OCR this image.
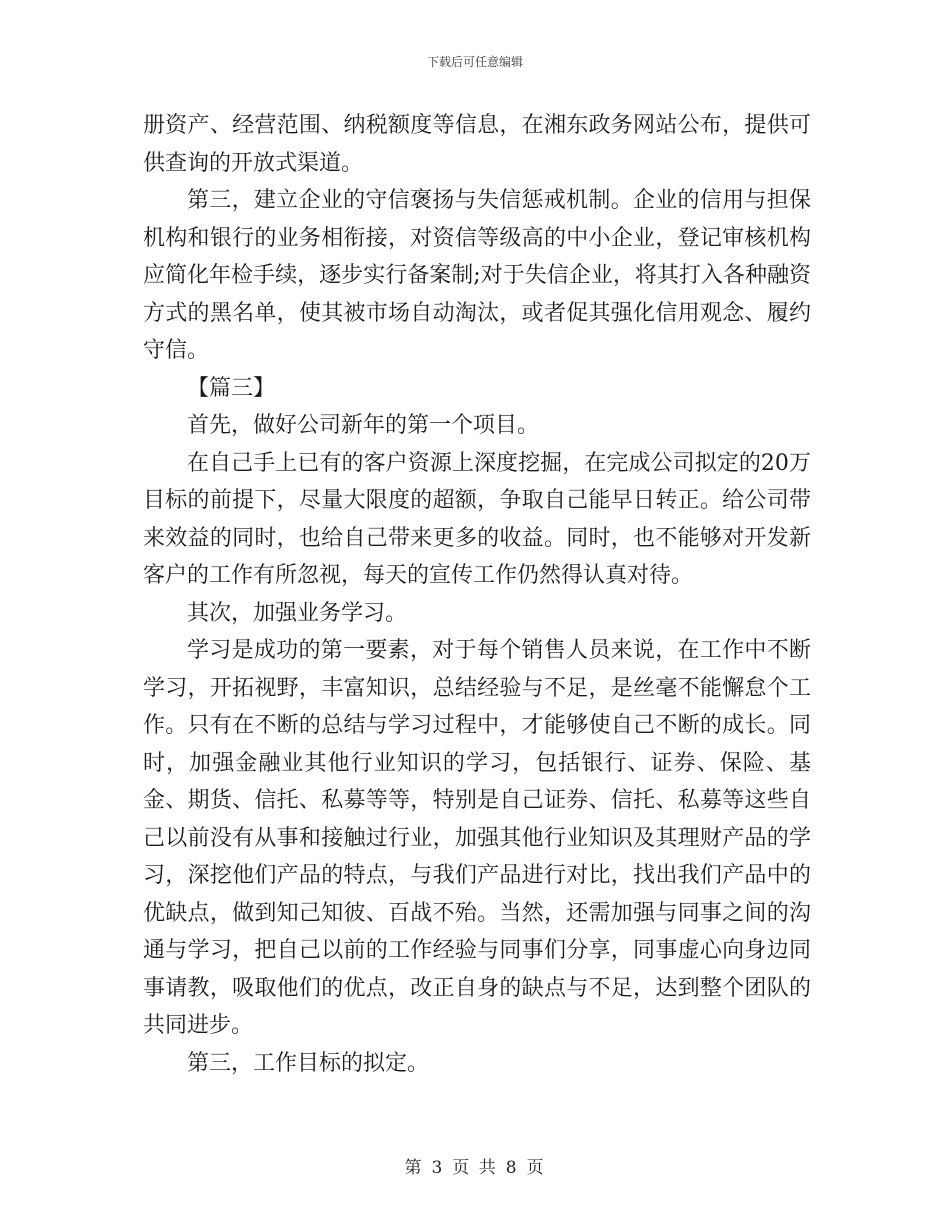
下载后可任意编辑

册资产、经营范围、纳税额度等信息，在湘东政务网站公布，提供可供查询的开放式渠道。

第三，建立企业的守信褒扬与失信惩戒机制。企业的信用与担保机构和银行的业务相衔接，对资信等级高的中小企业，登记审核机构应简化年检手续，逐步实行备案制;对于失信企业，将其打入各种融资方式的黑名单，使其被市场自动淘汰，或者促其强化信用观念、履约守信。

【篇三】

首先，做好公司新年的第一个项目。

在自己手上已有的客户资源上深度挖掘，在完成公司拟定的20万目标的前提下，尽量大限度的超额，争取自己能早日转正。给公司带来效益的同时，也给自己带来更多的收益。同时，也不能够对开发新客户的工作有所忽视，每天的宣传工作仍然得认真对待。

其次，加强业务学习。

学习是成功的第一要素，对于每个销售人员来说，在工作中不断学习，开拓视野，丰富知识，总结经验与不足，是丝毫不能懈怠个工作。只有在不断的总结与学习过程中，才能够使自己不断的成长。同时，加强金融业其他行业知识的学习，包括银行、证券、保险、基金、期货、信托、私募等等，特别是自己证券、信托、私募等这些自己以前没有从事和接触过行业，加强其他行业知识及其理财产品的学习，深挖他们产品的特点，与我们产品进行对比，找出我们产品中的优缺点，做到知己知彼、百战不殆。当然，还需加强与同事之间的沟通与学习，把自己以前的工作经验与同事们分享，同事虚心向身边同事请教，吸取他们的优点，改正自身的缺点与不足，达到整个团队的共同进步。

第三，工作目标的拟定。

第 3 页 共 8 页
